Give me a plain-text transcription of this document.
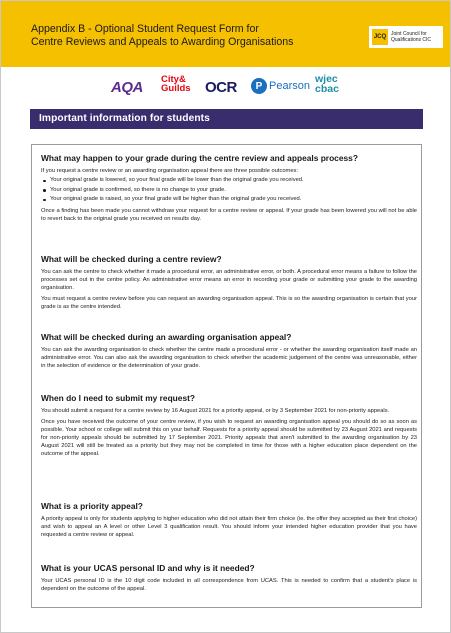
Appendix B - Optional Student Request Form for
Centre Reviews and Appeals to Awarding Organisations	JCQ Joint Council for Qualifications CIC
AQA City&
Guilds OCR	Pearson
wjec
cbac
P
Important information for students
What may happen to your grade during the centre review and appeals process?
If you request a centre review or an awarding organisation appeal there are three possible outcomes:
Your original grade is lowered, so your final grade will be lower than the original grade you received.
Your original grade is confirmed, so there is no change to your grade.
Your original grade is raised, so your final grade will be higher than the original grade you received.
Once a finding has been made you cannot withdraw your request for a centre review or appeal. If your grade has been lowered you will not be able to revert back to the original grade you received on results day.
What will be checked during a centre review?
You can ask the centre to check whether it made a procedural error, an administrative error, or both. A procedural error means a failure to follow the processes set out in the centre policy. An administrative error means an error in recording your grade or submitting your grade to the awarding organisation.
You must request a centre review before you can request an awarding organisation appeal. This is so the awarding organisation is certain that your grade is as the centre intended.
What will be checked during an awarding organisation appeal?
You can ask the awarding organisation to check whether the centre made a procedural error - or whether the awarding organisation itself made an administrative error. You can also ask the awarding organisation to check whether the academic judgement of the centre was unreasonable, either in the selection of evidence or the determination of your grade.
When do I need to submit my request?
You should submit a request for a centre review by 16 August 2021 for a priority appeal, or by 3 September 2021 for non-priority appeals.
Once you have received the outcome of your centre review, if you wish to request an awarding organisation appeal you should do so as soon as possible. Your school or college will submit this on your behalf. Requests for a priority appeal should be submitted by 23 August 2021 and requests for non-priority appeals should be submitted by 17 September 2021. Priority appeals that aren't submitted to the awarding organisation by 23 August 2021 will still be treated as a priority but they may not be completed in time for those with a higher education place dependent on the outcome of the appeal.
What is a priority appeal?
A priority appeal is only for students applying to higher education who did not attain their firm choice (ie. the offer they accepted as their first choice) and wish to appeal an A level or other Level 3 qualification result. You should inform your intended higher education provider that you have requested a centre review or appeal.
What is your UCAS personal ID and why is it needed?
Your UCAS personal ID is the 10 digit code included in all correspondence from UCAS. This is needed to confirm that a student's place is dependent on the outcome of the appeal.
